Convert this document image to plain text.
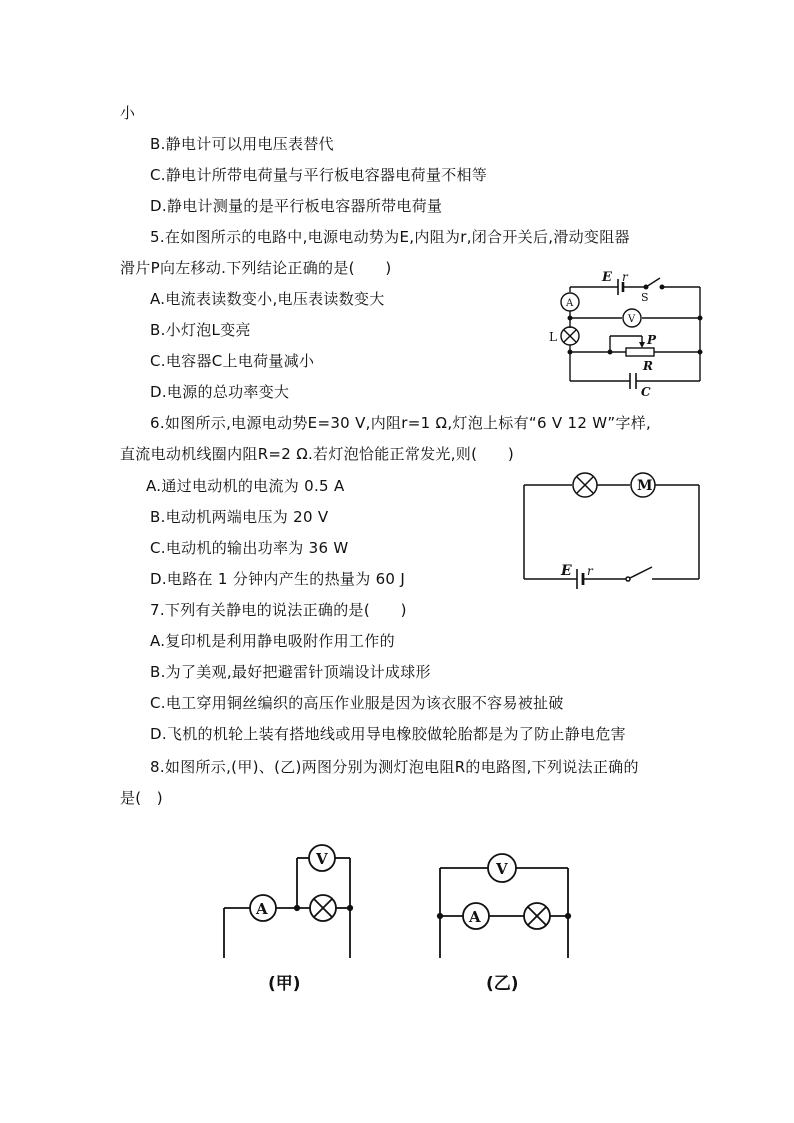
小
B.静电计可以用电压表替代
C.静电计所带电荷量与平行板电容器电荷量不相等
D.静电计测量的是平行板电容器所带电荷量
5.在如图所示的电路中,电源电动势为E,内阻为r,闭合开关后,滑动变阻器
滑片P向左移动.下列结论正确的是(　　)
A.电流表读数变小,电压表读数变大
B.小灯泡L变亮
C.电容器C上电荷量减小
D.电源的总功率变大
6.如图所示,电源电动势E=30 V,内阻r=1 Ω,灯泡上标有“6 V 12 W”字样,
直流电动机线圈内阻R=2 Ω.若灯泡恰能正常发光,则(　　)
A.通过电动机的电流为 0.5 A
B.电动机两端电压为 20 V
C.电动机的输出功率为 36 W
D.电路在 1 分钟内产生的热量为 60 J
7.下列有关静电的说法正确的是(　　)
A.复印机是利用静电吸附作用工作的
B.为了美观,最好把避雷针顶端设计成球形
C.电工穿用铜丝编织的高压作业服是因为该衣服不容易被扯破
D.飞机的机轮上装有搭地线或用导电橡胶做轮胎都是为了防止静电危害
8.如图所示,(甲)、(乙)两图分别为测灯泡电阻R的电路图,下列说法正确的
是(　)
E r
S
A
V
L	P
R
C
M
E r
A
V
(甲)
V
A
(乙)
